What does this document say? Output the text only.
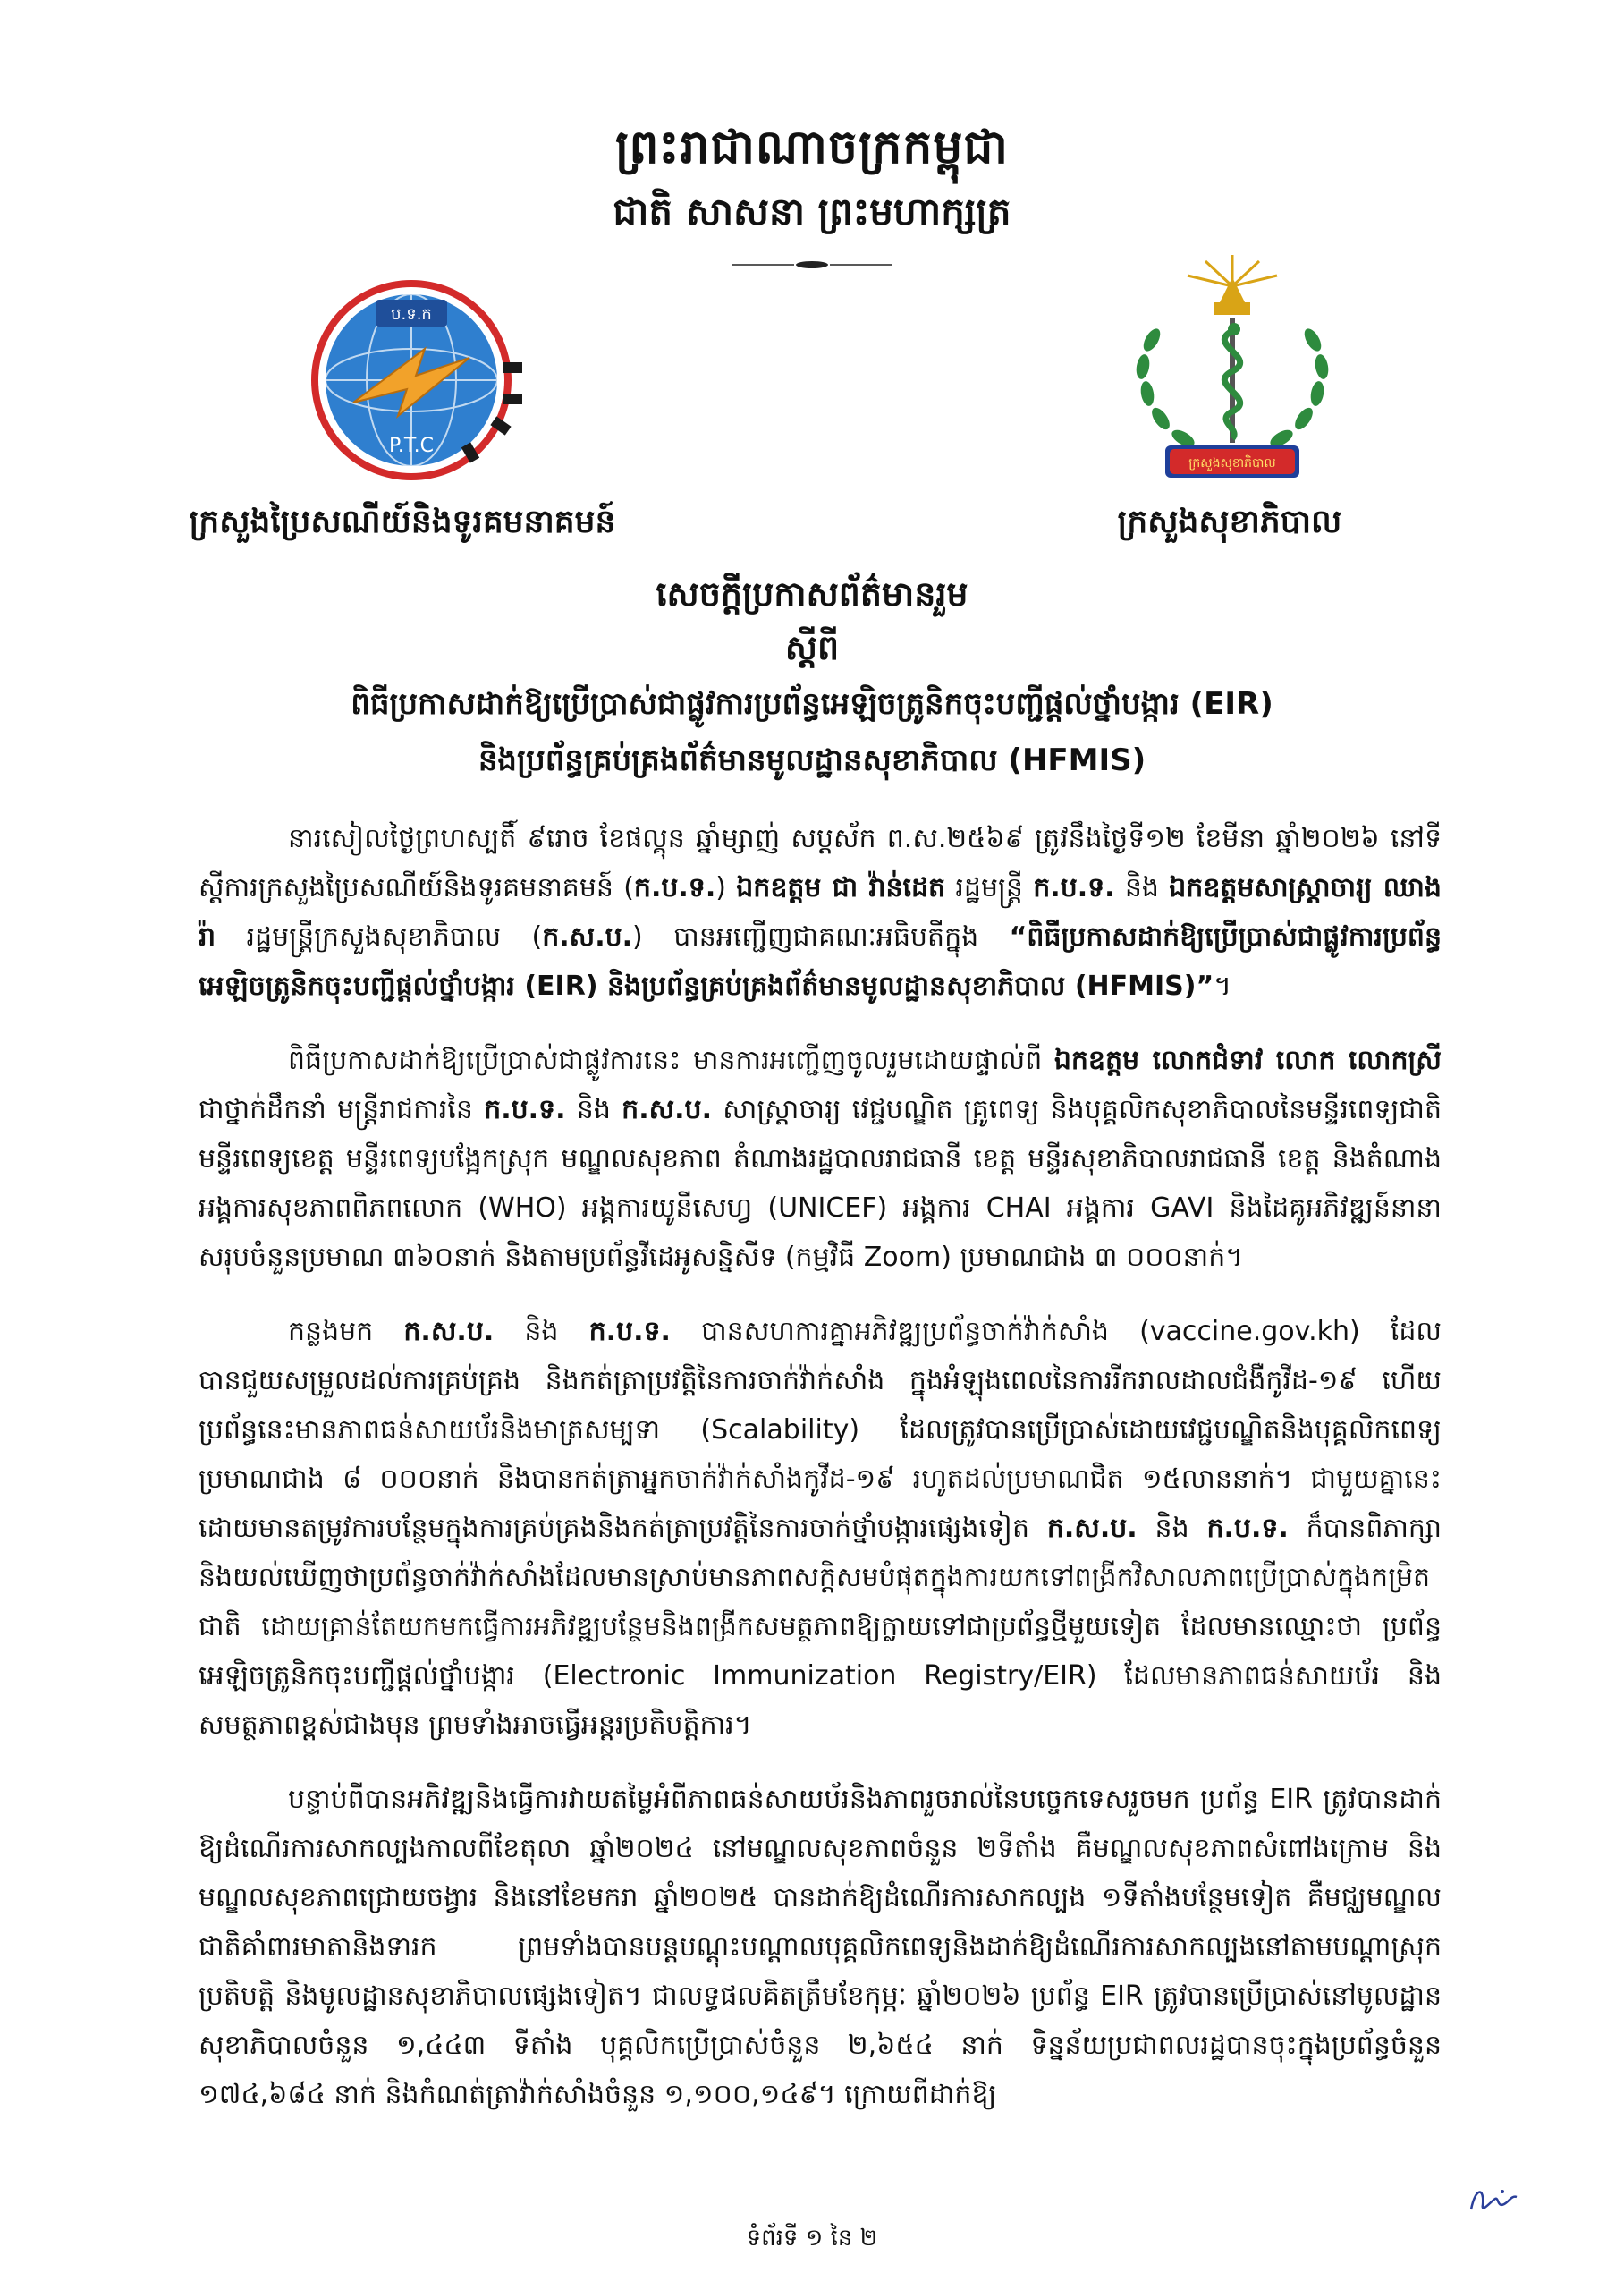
ព្រះរាជាណាចក្រកម្ពុជា
ជាតិ សាសនា ព្រះមហាក្សត្រ
ប.ទ.ក
P.T.C
ក្រសួងសុខាភិបាល
ក្រសួងប្រៃសណីយ៍និងទូរគមនាគមន៍	ក្រសួងសុខាភិបាល
សេចក្តីប្រកាសព័ត៌មានរួម
ស្តីពី
ពិធីប្រកាសដាក់ឱ្យប្រើប្រាស់ជាផ្លូវការប្រព័ន្ធអេឡិចត្រូនិកចុះបញ្ជីផ្តល់ថ្នាំបង្ការ (EIR)
និងប្រព័ន្ធគ្រប់គ្រងព័ត៌មានមូលដ្ឋានសុខាភិបាល (HFMIS)

នារសៀលថ្ងៃព្រហស្បតិ៍ ៩រោច ខែផល្គុន ឆ្នាំម្សាញ់ សប្តស័ក ព.ស.២៥៦៩ ត្រូវនឹងថ្ងៃទី១២ ខែមីនា ឆ្នាំ២០២៦ នៅទីស្តីការក្រសួងប្រៃសណីយ៍និងទូរគមនាគមន៍ (ក.ប.ទ.) ឯកឧត្តម ជា វ៉ាន់ដេត រដ្ឋមន្ត្រី ក.ប.ទ. និង ឯកឧត្តមសាស្ត្រាចារ្យ ឈាង រ៉ា រដ្ឋមន្ត្រីក្រសួងសុខាភិបាល (ក.ស.ប.) បានអញ្ជើញជាគណៈអធិបតីក្នុង “ពិធីប្រកាសដាក់ឱ្យប្រើប្រាស់ជាផ្លូវការប្រព័ន្ធអេឡិចត្រូនិកចុះបញ្ជីផ្តល់ថ្នាំបង្ការ (EIR) និងប្រព័ន្ធគ្រប់គ្រងព័ត៌មានមូលដ្ឋានសុខាភិបាល (HFMIS)”។

ពិធីប្រកាសដាក់ឱ្យប្រើប្រាស់ជាផ្លូវការនេះ មានការអញ្ជើញចូលរួមដោយផ្ទាល់ពី ឯកឧត្តម លោកជំទាវ លោក លោកស្រី ជាថ្នាក់ដឹកនាំ មន្ត្រីរាជការនៃ ក.ប.ទ. និង ក.ស.ប. សាស្ត្រាចារ្យ វេជ្ជបណ្ឌិត គ្រូពេទ្យ និងបុគ្គលិកសុខាភិបាលនៃមន្ទីរពេទ្យជាតិ មន្ទីរពេទ្យខេត្ត មន្ទីរពេទ្យបង្អែកស្រុក មណ្ឌលសុខភាព តំណាងរដ្ឋបាលរាជធានី ខេត្ត មន្ទីរសុខាភិបាលរាជធានី ខេត្ត និងតំណាងអង្គការសុខភាពពិភពលោក (WHO) អង្គការយូនីសេហ្វ (UNICEF) អង្គការ CHAI អង្គការ GAVI និងដៃគូអភិវឌ្ឍន៍នានា សរុបចំនួនប្រមាណ ៣៦០នាក់ និងតាមប្រព័ន្ធវីដេអូសន្និសីទ (កម្មវិធី Zoom) ប្រមាណជាង ៣ ០០០នាក់។

កន្លងមក ក.ស.ប. និង ក.ប.ទ. បានសហការគ្នាអភិវឌ្ឍប្រព័ន្ធចាក់វ៉ាក់សាំង (vaccine.gov.kh) ដែលបានជួយសម្រួលដល់ការគ្រប់គ្រង និងកត់ត្រាប្រវត្តិនៃការចាក់វ៉ាក់សាំង ក្នុងអំឡុងពេលនៃការរីករាលដាលជំងឺកូវីដ-១៩ ហើយប្រព័ន្ធនេះមានភាពធន់សាយប័រនិងមាត្រសម្បទា (Scalability) ដែលត្រូវបានប្រើប្រាស់ដោយវេជ្ជបណ្ឌិតនិងបុគ្គលិកពេទ្យប្រមាណជាង ៨ ០០០នាក់ និងបានកត់ត្រាអ្នកចាក់វ៉ាក់សាំងកូវីដ-១៩ រហូតដល់ប្រមាណជិត ១៥លាននាក់។ ជាមួយគ្នានេះ ដោយមានតម្រូវការបន្ថែមក្នុងការគ្រប់គ្រងនិងកត់ត្រាប្រវត្តិនៃការចាក់ថ្នាំបង្ការផ្សេងទៀត ក.ស.ប. និង ក.ប.ទ. ក៏បានពិភាក្សា និងយល់ឃើញថាប្រព័ន្ធចាក់វ៉ាក់សាំងដែលមានស្រាប់មានភាពសក្តិសមបំផុតក្នុងការយកទៅពង្រីកវិសាលភាពប្រើប្រាស់ក្នុងកម្រិតជាតិ ដោយគ្រាន់តែយកមកធ្វើការអភិវឌ្ឍបន្ថែមនិងពង្រីកសមត្ថភាពឱ្យក្លាយទៅជាប្រព័ន្ធថ្មីមួយទៀត ដែលមានឈ្មោះថា ប្រព័ន្ធអេឡិចត្រូនិកចុះបញ្ជីផ្តល់ថ្នាំបង្ការ (Electronic Immunization Registry/EIR) ដែលមានភាពធន់សាយប័រ និងសមត្ថភាពខ្ពស់ជាងមុន ព្រមទាំងអាចធ្វើអន្តរប្រតិបត្តិការ។

បន្ទាប់ពីបានអភិវឌ្ឍនិងធ្វើការវាយតម្លៃអំពីភាពធន់សាយប័រនិងភាពរួចរាល់នៃបច្ចេកទេសរួចមក ប្រព័ន្ធ EIR ត្រូវបានដាក់ឱ្យដំណើរការសាកល្បងកាលពីខែតុលា ឆ្នាំ២០២៤ នៅមណ្ឌលសុខភាពចំនួន ២ទីតាំង គឺមណ្ឌលសុខភាពសំពៅងក្រោម និងមណ្ឌលសុខភាពជ្រោយចង្វារ និងនៅខែមករា ឆ្នាំ២០២៥ បានដាក់ឱ្យដំណើរការសាកល្បង ១ទីតាំងបន្ថែមទៀត គឺមជ្ឈមណ្ឌលជាតិគាំពារមាតានិងទារក ព្រមទាំងបានបន្តបណ្តុះបណ្តាលបុគ្គលិកពេទ្យនិងដាក់ឱ្យដំណើរការសាកល្បងនៅតាមបណ្តាស្រុកប្រតិបត្តិ និងមូលដ្ឋានសុខាភិបាលផ្សេងទៀត។ ជាលទ្ធផលគិតត្រឹមខែកុម្ភៈ ឆ្នាំ២០២៦ ប្រព័ន្ធ EIR ត្រូវបានប្រើប្រាស់នៅមូលដ្ឋានសុខាភិបាលចំនួន ១,៤៤៣ ទីតាំង បុគ្គលិកប្រើប្រាស់ចំនួន ២,៦៥៤ នាក់ ទិន្នន័យប្រជាពលរដ្ឋបានចុះក្នុងប្រព័ន្ធចំនួន ១៧៤,៦៨៤ នាក់ និងកំណត់ត្រាវ៉ាក់សាំងចំនួន ១,១០០,១៤៩។ ក្រោយពីដាក់ឱ្យ

ទំព័រទី ១ នៃ ២
